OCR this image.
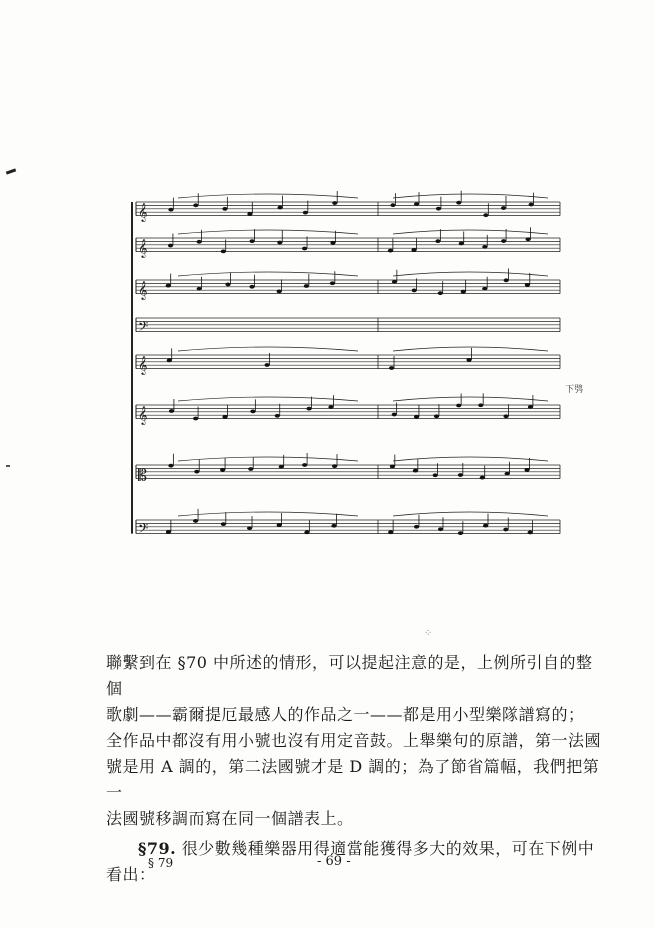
⁘
𝄞
𝄞
𝄞
𝄢
𝄞
𝄞
𝄡
𝄢
下鸮

聯繫到在 §70 中所述的情形，可以提起注意的是，上例所引自的整個
歌劇——霸爾提厄最感人的作品之一——都是用小型樂隊譜寫的；
全作品中都沒有用小號也沒有用定音鼓。上舉樂句的原譜，第一法國
號是用 A 調的，第二法國號才是 D 調的；為了節省篇幅，我們把第一
法國號移調而寫在同一個譜表上。

§79. 很少數幾種樂器用得適當能獲得多大的效果，可在下例中看出：

§ 79	- 69 -
